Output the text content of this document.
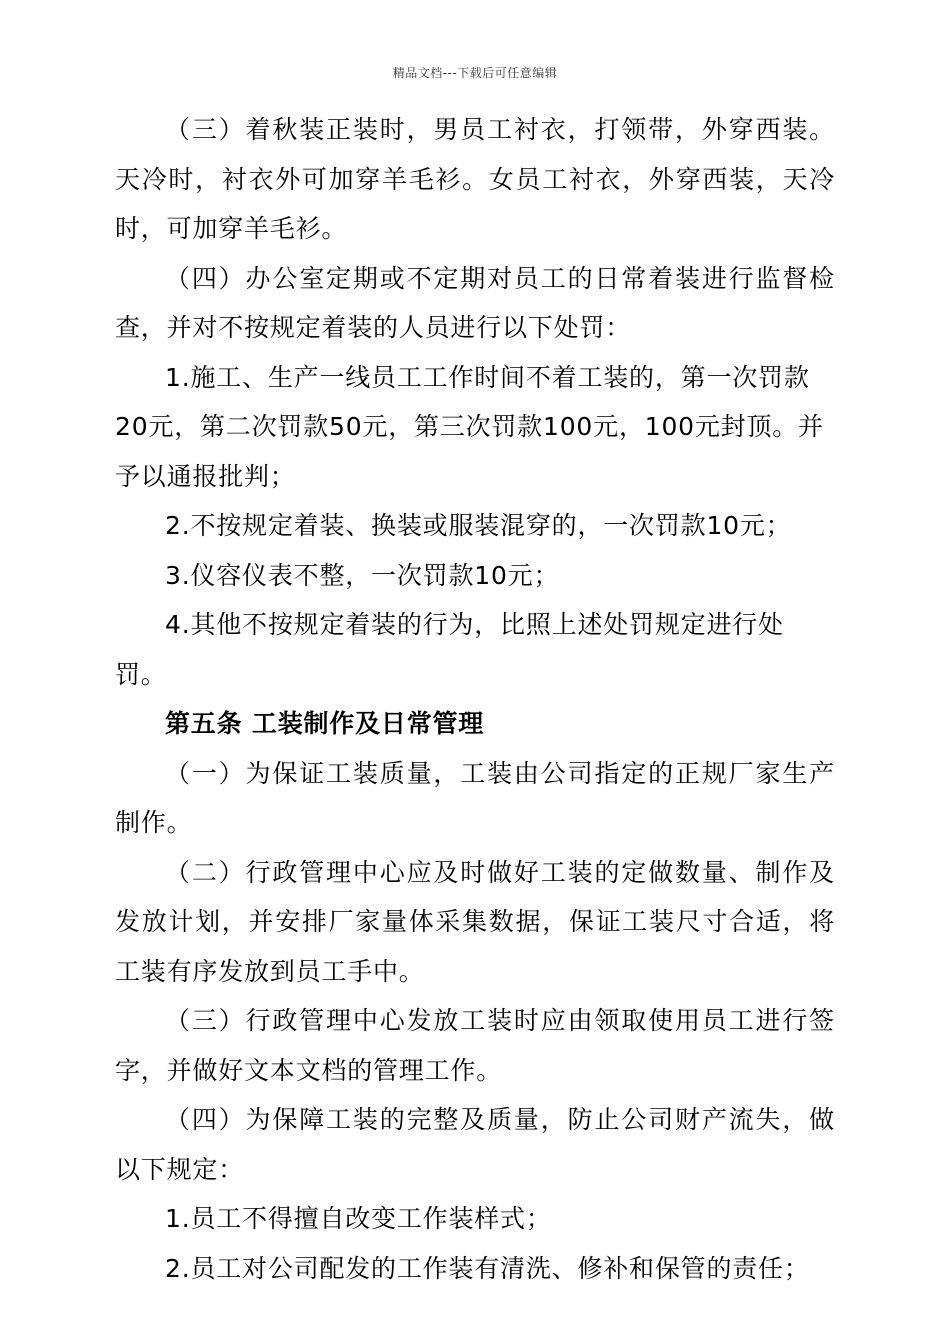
精品文档---下载后可任意编辑

（三）着秋装正装时，男员工衬衣，打领带，外穿西装。天冷时，衬衣外可加穿羊毛衫。女员工衬衣，外穿西装，天冷时，可加穿羊毛衫。

（四）办公室定期或不定期对员工的日常着装进行监督检查，并对不按规定着装的人员进行以下处罚：

1.施工、生产一线员工工作时间不着工装的，第一次罚款20元，第二次罚款50元，第三次罚款100元，100元封顶。并予以通报批判；

2.不按规定着装、换装或服装混穿的，一次罚款10元；

3.仪容仪表不整，一次罚款10元；

4.其他不按规定着装的行为，比照上述处罚规定进行处罚。

第五条 工装制作及日常管理

（一）为保证工装质量，工装由公司指定的正规厂家生产制作。

（二）行政管理中心应及时做好工装的定做数量、制作及发放计划，并安排厂家量体采集数据，保证工装尺寸合适，将工装有序发放到员工手中。

（三）行政管理中心发放工装时应由领取使用员工进行签字，并做好文本文档的管理工作。

（四）为保障工装的完整及质量，防止公司财产流失，做以下规定：

1.员工不得擅自改变工作装样式；

2.员工对公司配发的工作装有清洗、修补和保管的责任；
